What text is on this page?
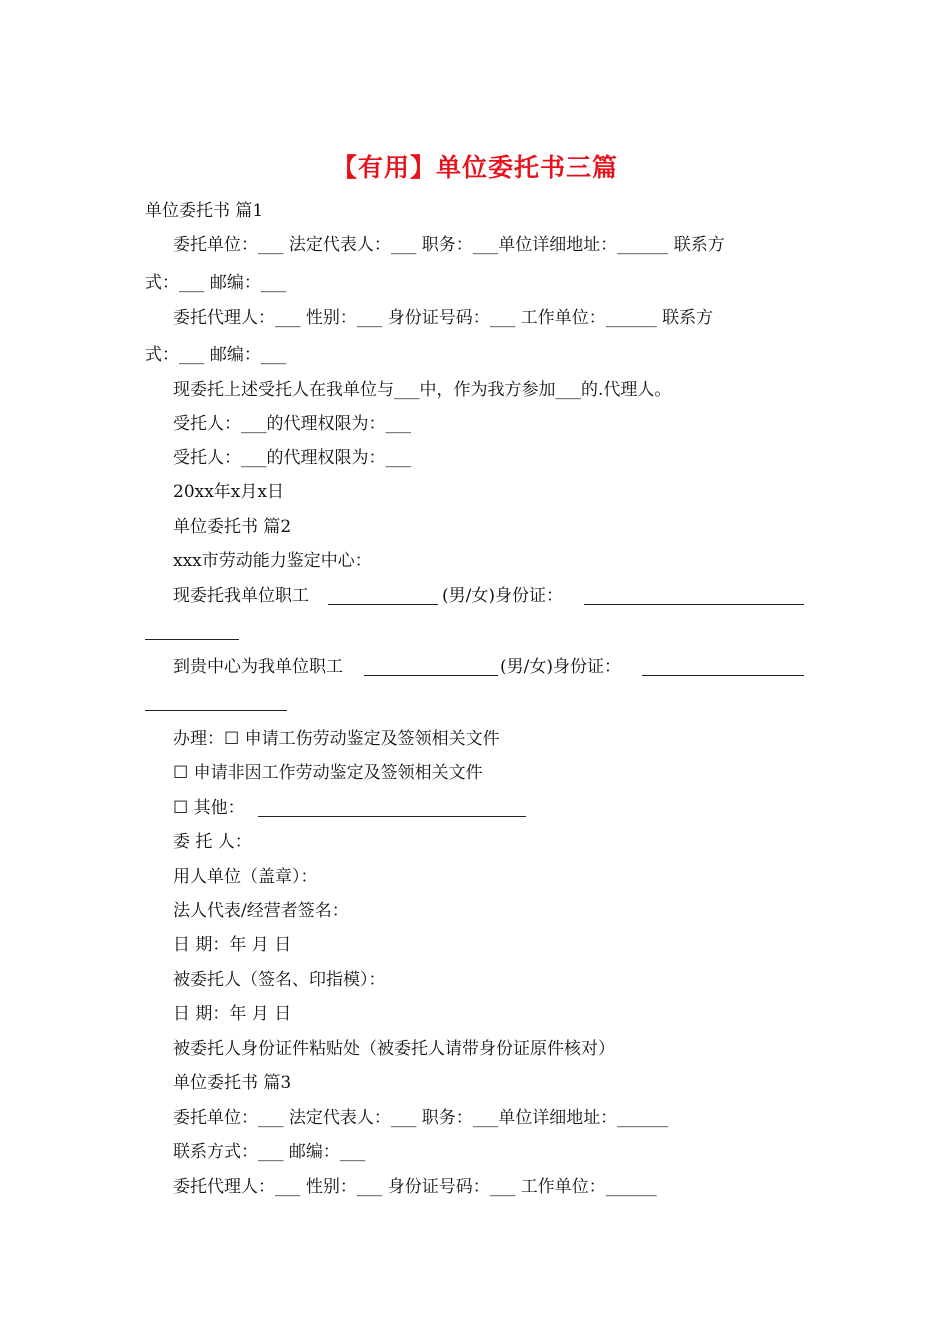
【有用】单位委托书三篇
单位委托书 篇1
委托单位：___ 法定代表人：___ 职务：___单位详细地址：______ 联系方
式：___ 邮编：___
委托代理人：___ 性别：___ 身份证号码：___ 工作单位：______ 联系方
式：___ 邮编：___
现委托上述受托人在我单位与___中，作为我方参加___的.代理人。
受托人：___的代理权限为：___
受托人：___的代理权限为：___
20xx年x月x日
单位委托书 篇2
xxx市劳动能力鉴定中心：
现委托我单位职工	(男/女)身份证：
到贵中心为我单位职工	(男/女)身份证：
办理：☐ 申请工伤劳动鉴定及签领相关文件
☐ 申请非因工作劳动鉴定及签领相关文件
☐ 其他：
委 托 人：
用人单位（盖章）：
法人代表/经营者签名：
日 期：年 月 日
被委托人（签名、印指模）：
日 期：年 月 日
被委托人身份证件粘贴处（被委托人请带身份证原件核对）
单位委托书 篇3
委托单位：___ 法定代表人：___ 职务：___单位详细地址：______
联系方式：___ 邮编：___
委托代理人：___ 性别：___ 身份证号码：___ 工作单位：______
